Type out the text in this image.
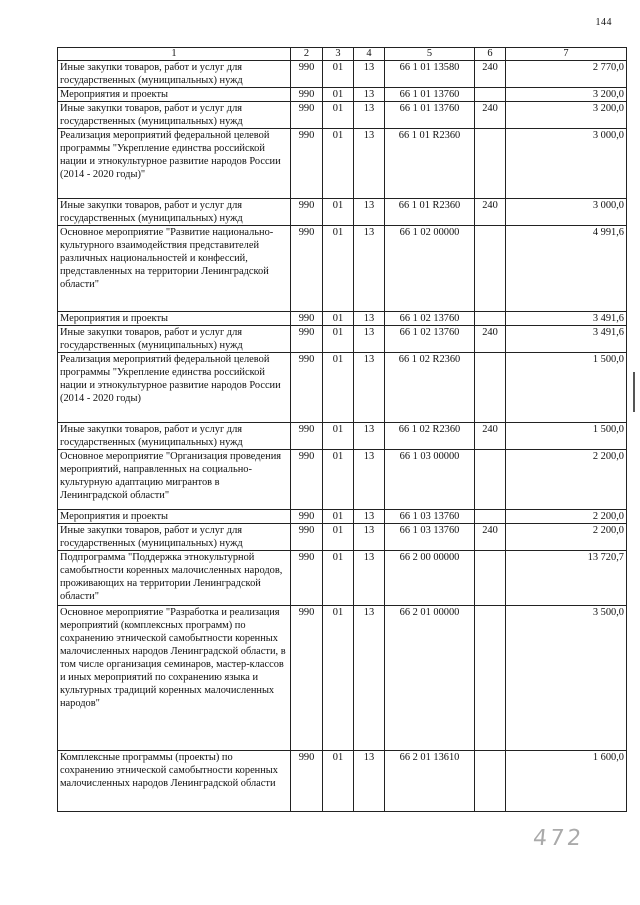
144
1	2	3	4	5	6	7
Иные закупки товаров, работ и услуг для государственных (муниципальных) нужд	990	01	13	66 1 01 13580	240	2 770,0
Мероприятия и проекты	990	01	13	66 1 01 13760		3 200,0
Иные закупки товаров, работ и услуг для государственных (муниципальных) нужд	990	01	13	66 1 01 13760	240	3 200,0
Реализация мероприятий федеральной целевой программы "Укрепление единства российской нации и этнокультурное развитие народов России (2014 - 2020 годы)"	990	01	13	66 1 01 R2360		3 000,0
Иные закупки товаров, работ и услуг для государственных (муниципальных) нужд	990	01	13	66 1 01 R2360	240	3 000,0
Основное мероприятие "Развитие национально-культурного взаимодействия представителей различных национальностей и конфессий, представленных на территории Ленинградской области"	990	01	13	66 1 02 00000		4 991,6
Мероприятия и проекты	990	01	13	66 1 02 13760		3 491,6
Иные закупки товаров, работ и услуг для государственных (муниципальных) нужд	990	01	13	66 1 02 13760	240	3 491,6
Реализация мероприятий федеральной целевой программы "Укрепление единства российской нации и этнокультурное развитие народов России (2014 - 2020 годы)	990	01	13	66 1 02 R2360		1 500,0
Иные закупки товаров, работ и услуг для государственных (муниципальных) нужд	990	01	13	66 1 02 R2360	240	1 500,0
Основное мероприятие "Организация проведения мероприятий, направленных на социально-культурную адаптацию мигрантов в Ленинградской области"	990	01	13	66 1 03 00000		2 200,0
Мероприятия и проекты	990	01	13	66 1 03 13760		2 200,0
Иные закупки товаров, работ и услуг для государственных (муниципальных) нужд	990	01	13	66 1 03 13760	240	2 200,0
Подпрограмма "Поддержка этнокультурной самобытности коренных малочисленных народов, проживающих на территории Ленинградской области"	990	01	13	66 2 00 00000		13 720,7
Основное мероприятие "Разработка и реализация мероприятий (комплексных программ) по сохранению этнической самобытности коренных малочисленных народов Ленинградской области, в том числе организация семинаров, мастер-классов и иных мероприятий по сохранению языка и культурных традиций коренных малочисленных народов"	990	01	13	66 2 01 00000		3 500,0
Комплексные программы (проекты) по сохранению этнической самобытности коренных малочисленных народов Ленинградской области	990	01	13	66 2 01 13610		1 600,0
472
